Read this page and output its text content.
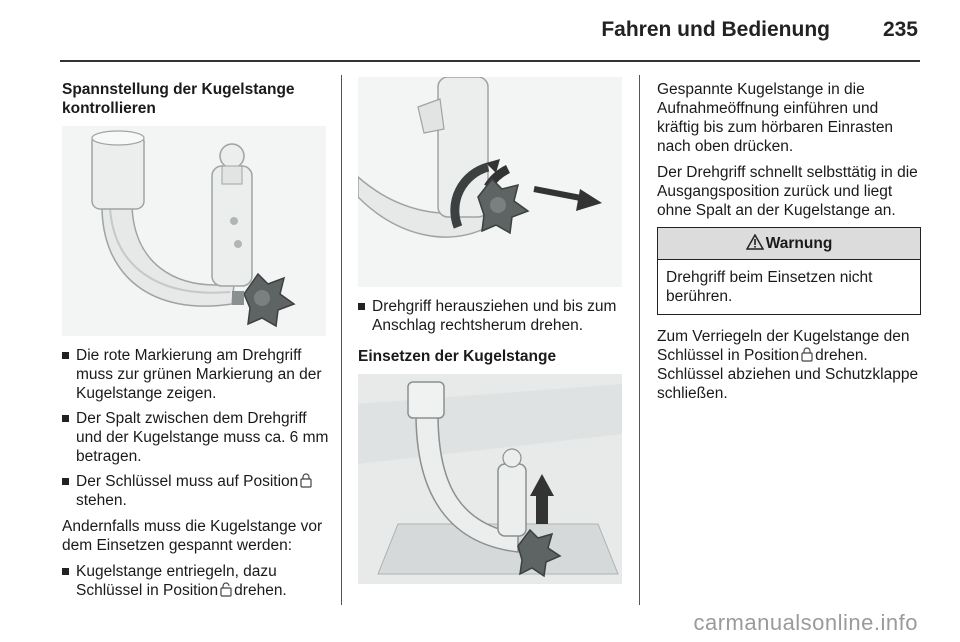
Fahren und Bedienung	235
Spannstellung der Kugelstange kontrollieren
Die rote Markierung am Drehgriff muss zur grünen Markierung an der Kugelstange zeigen.
Der Spalt zwischen dem Drehgriff und der Kugelstange muss ca. 6 mm betragen.
Der Schlüssel muss auf Positionstehen.

Andernfalls muss die Kugelstange vor dem Einsetzen gespannt werden:

Kugelstange entriegeln, dazu Schlüssel in Position drehen.
Drehgriff herausziehen und bis zum Anschlag rechtsherum drehen.
Einsetzen der Kugelstange

Gespannte Kugelstange in die Aufnahmeöffnung einführen und kräftig bis zum hörbaren Einrasten nach oben drücken.

Der Drehgriff schnellt selbsttätig in die Ausgangsposition zurück und liegt ohne Spalt an der Kugelstange an.

Warnung
Drehgriff beim Einsetzen nicht berühren.

Zum Verriegeln der Kugelstange den Schlüssel in Position drehen. Schlüssel abziehen und Schutzklappe schließen.

carmanualsonline.info
